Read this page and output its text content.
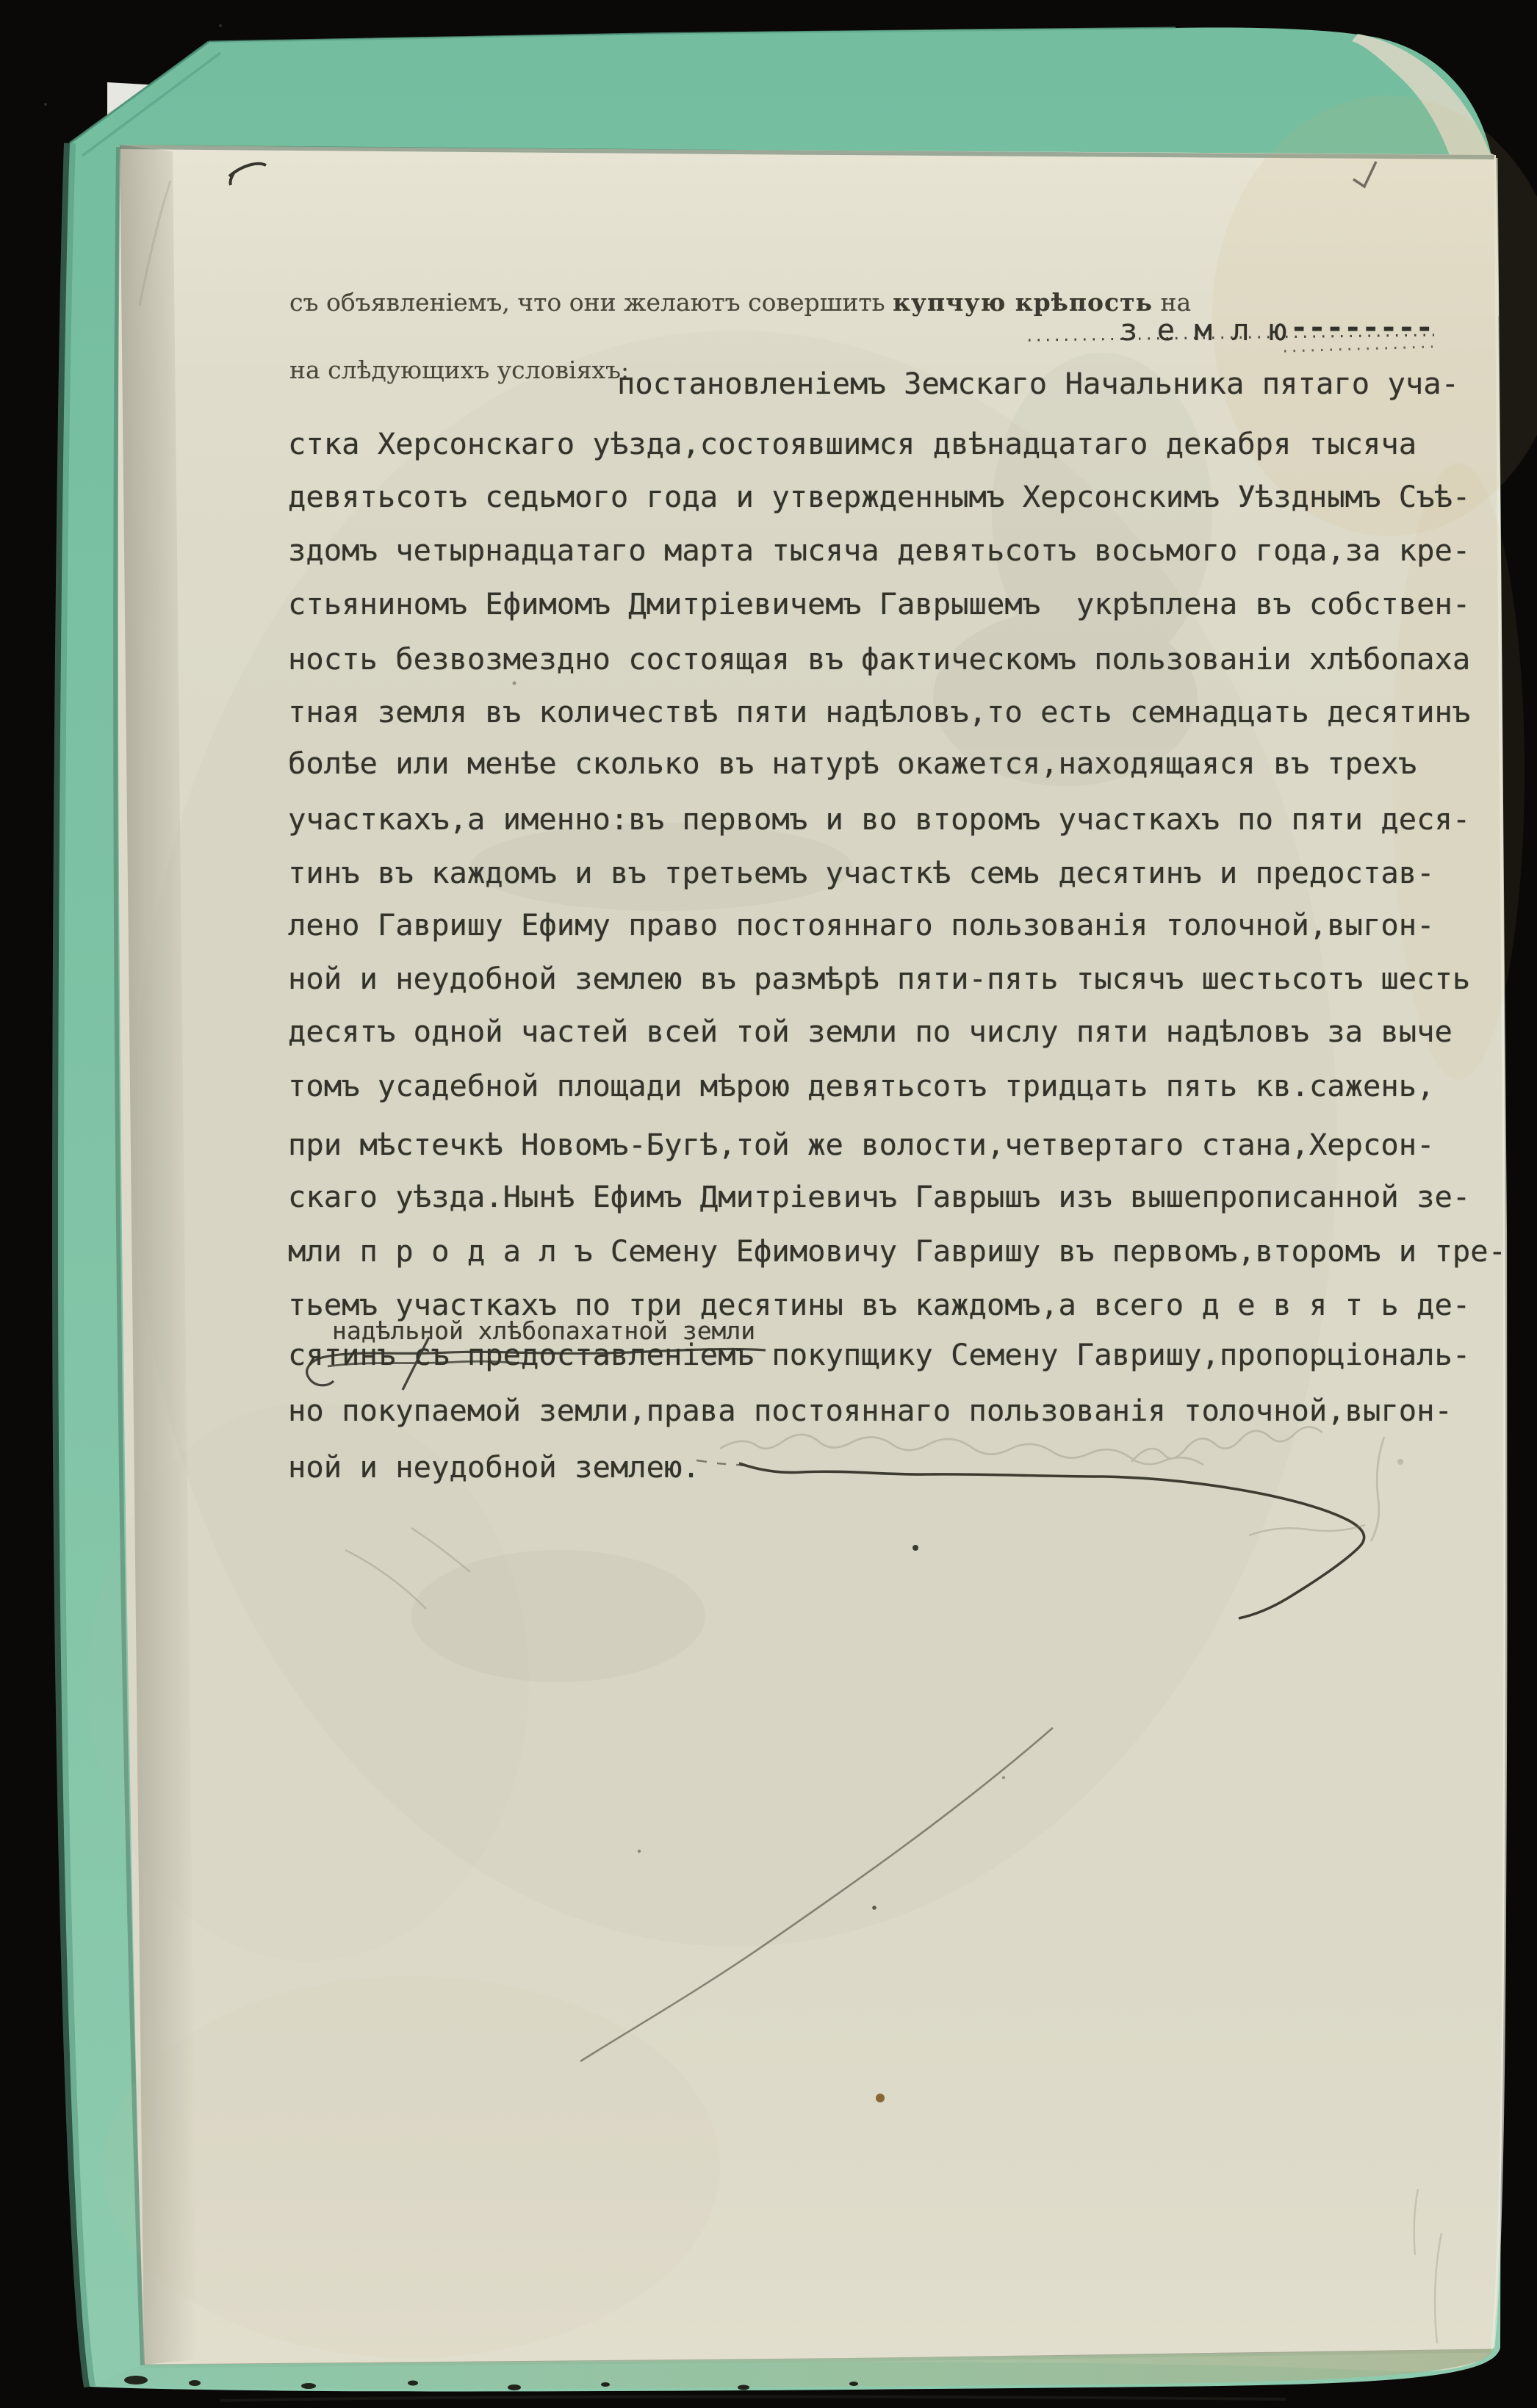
съ объявленіемъ, что они желаютъ совершить купчую крѣпость на
з е м л ю --------
на слѣдующихъ условіяхъ:
постановленіемъ Земскаго Начальника пятаго уча-
стка Херсонскаго уѣзда,состоявшимся двѣнадцатаго декабря тысяча
девятьсотъ седьмого года и утвержденнымъ Херсонскимъ Уѣзднымъ Съѣ-
здомъ четырнадцатаго марта тысяча девятьсотъ восьмого года,за кре-
стьяниномъ Ефимомъ Дмитріевичемъ Гаврышемъ  укрѣплена въ собствен-
ность безвозмездно состоящая въ фактическомъ пользованіи хлѣбопаха
тная земля въ количествѣ пяти надѣловъ,то есть семнадцать десятинъ
болѣе или менѣе сколько въ натурѣ окажется,находящаяся въ трехъ
участкахъ,а именно:въ первомъ и во второмъ участкахъ по пяти деся-
тинъ въ каждомъ и въ третьемъ участкѣ семь десятинъ и предостав-
лено Гавришу Ефиму право постояннаго пользованія толочной,выгон-
ной и неудобной землею въ размѣрѣ пяти-пять тысячъ шестьсотъ шесть
десятъ одной частей всей той земли по числу пяти надѣловъ за выче
томъ усадебной площади мѣрою девятьсотъ тридцать пять кв.сажень,
при мѣстечкѣ Новомъ-Бугѣ,той же волости,четвертаго стана,Херсон-
скаго уѣзда.Нынѣ Ефимъ Дмитріевичъ Гаврышъ изъ вышепрописанной зе-
мли п р о д а л ъ Семену Ефимовичу Гавришу въ первомъ,второмъ и тре-
тьемъ участкахъ по три десятины въ каждомъ,а всего д е в я т ь де-
сятинъ съ предоставленіемъ покупщику Семену Гавришу,пропорціональ-
но покупаемой земли,права постояннаго пользованія толочной,выгон-
ной и неудобной землею.
надѣльной хлѣбопахатной земли
